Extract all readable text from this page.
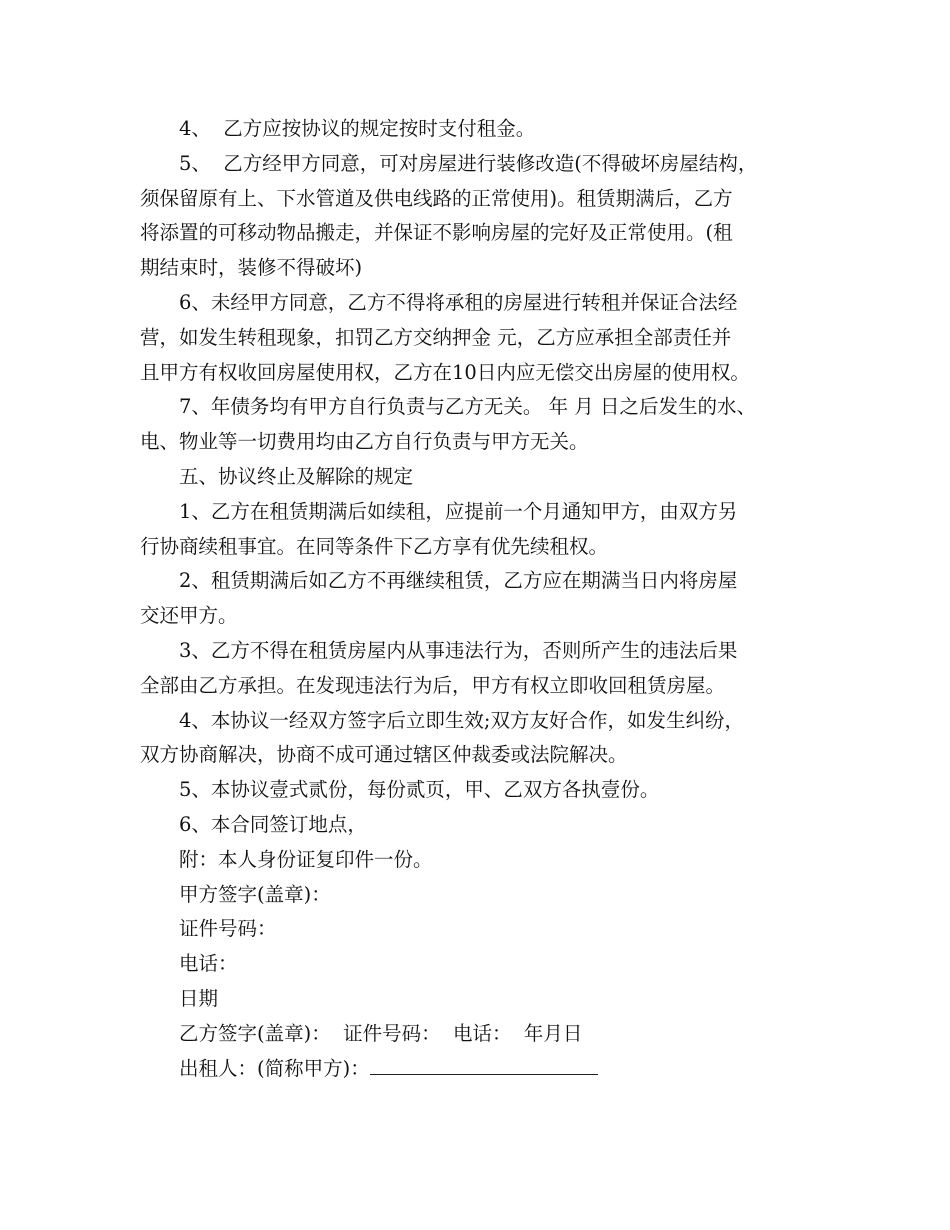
4、  乙方应按协议的规定按时支付租金。

5、  乙方经甲方同意，可对房屋进行装修改造(不得破坏房屋结构，
须保留原有上、下水管道及供电线路的正常使用)。租赁期满后，乙方
将添置的可移动物品搬走，并保证不影响房屋的完好及正常使用。(租
期结束时，装修不得破坏)

6、未经甲方同意，乙方不得将承租的房屋进行转租并保证合法经
营，如发生转租现象，扣罚乙方交纳押金 元，乙方应承担全部责任并
且甲方有权收回房屋使用权，乙方在10日内应无偿交出房屋的使用权。

7、年债务均有甲方自行负责与乙方无关。 年 月 日之后发生的水、
电、物业等一切费用均由乙方自行负责与甲方无关。

五、协议终止及解除的规定

1、乙方在租赁期满后如续租，应提前一个月通知甲方，由双方另
行协商续租事宜。在同等条件下乙方享有优先续租权。

2、租赁期满后如乙方不再继续租赁，乙方应在期满当日内将房屋
交还甲方。

3、乙方不得在租赁房屋内从事违法行为，否则所产生的违法后果
全部由乙方承担。在发现违法行为后，甲方有权立即收回租赁房屋。

4、本协议一经双方签字后立即生效;双方友好合作，如发生纠纷，
双方协商解决，协商不成可通过辖区仲裁委或法院解决。

5、本协议壹式贰份，每份贰页，甲、乙双方各执壹份。

6、本合同签订地点，

附：本人身份证复印件一份。

甲方签字(盖章)：

证件号码：

电话：

日期

乙方签字(盖章)：  证件号码：  电话：  年月日

出租人：(简称甲方)：
